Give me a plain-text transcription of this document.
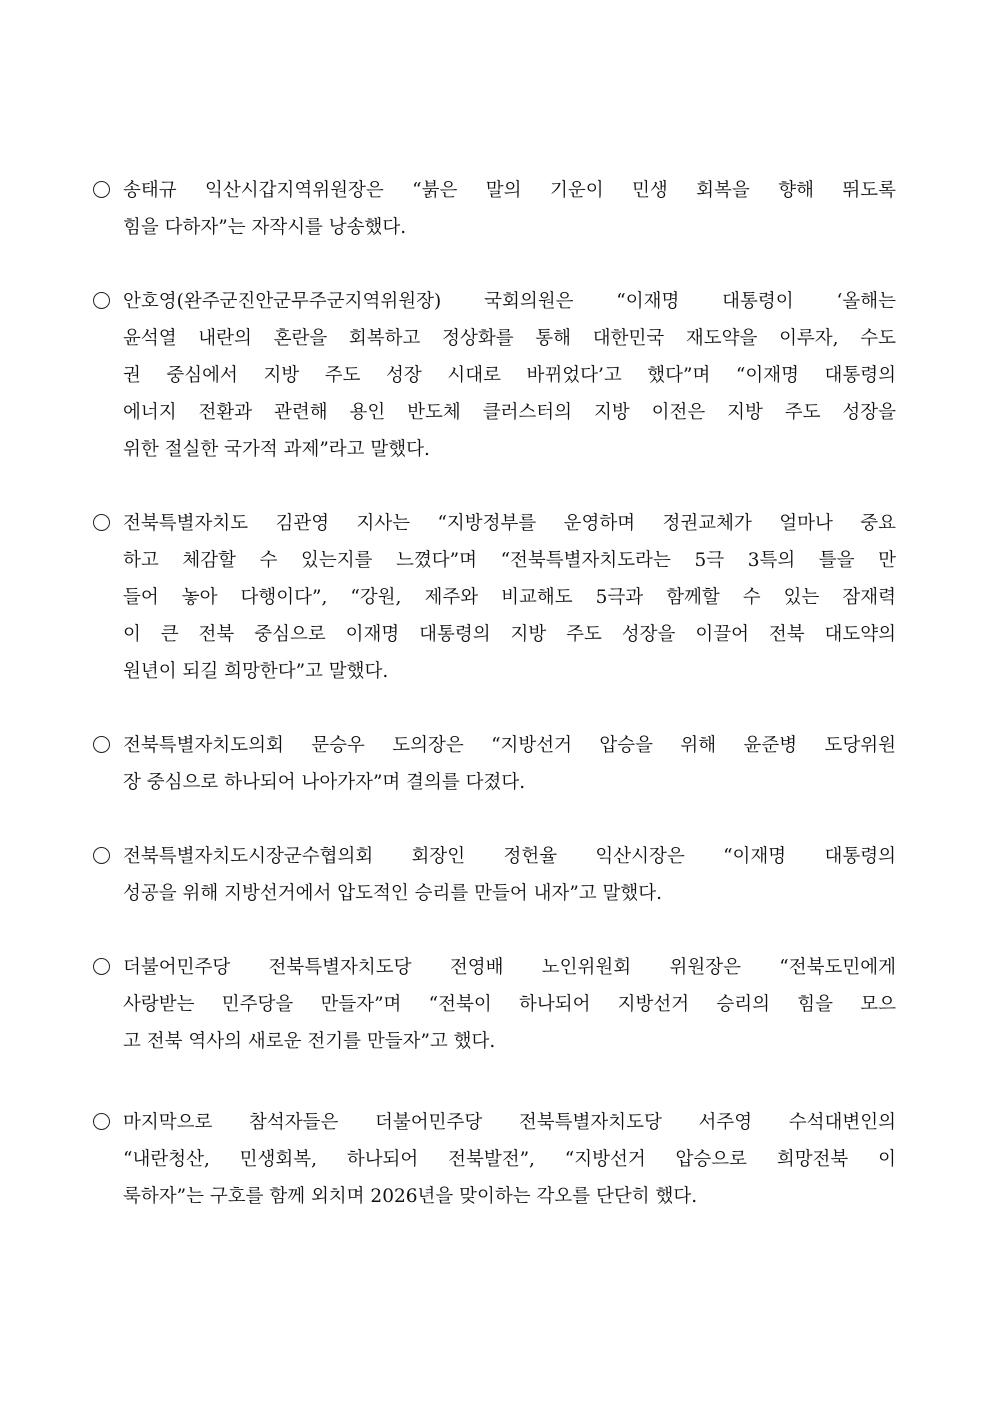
송태규 익산시갑지역위원장은 “붉은 말의 기운이 민생 회복을 향해 뛰도록
힘을 다하자”는 자작시를 낭송했다.
안호영(완주군진안군무주군지역위원장) 국회의원은 “이재명 대통령이 ‘올해는
윤석열 내란의 혼란을 회복하고 정상화를 통해 대한민국 재도약을 이루자, 수도
권 중심에서 지방 주도 성장 시대로 바뀌었다’고 했다”며 “이재명 대통령의
에너지 전환과 관련해 용인 반도체 클러스터의 지방 이전은 지방 주도 성장을
위한 절실한 국가적 과제”라고 말했다.
전북특별자치도 김관영 지사는 “지방정부를 운영하며 정권교체가 얼마나 중요
하고 체감할 수 있는지를 느꼈다”며 “전북특별자치도라는 5극 3특의 틀을 만
들어 놓아 다행이다”, “강원, 제주와 비교해도 5극과 함께할 수 있는 잠재력
이 큰 전북 중심으로 이재명 대통령의 지방 주도 성장을 이끌어 전북 대도약의
원년이 되길 희망한다”고 말했다.
전북특별자치도의회 문승우 도의장은 “지방선거 압승을 위해 윤준병 도당위원
장 중심으로 하나되어 나아가자”며 결의를 다졌다.
전북특별자치도시장군수협의회 회장인 정헌율 익산시장은 “이재명 대통령의
성공을 위해 지방선거에서 압도적인 승리를 만들어 내자”고 말했다.
더불어민주당 전북특별자치도당 전영배 노인위원회 위원장은 “전북도민에게
사랑받는 민주당을 만들자”며 “전북이 하나되어 지방선거 승리의 힘을 모으
고 전북 역사의 새로운 전기를 만들자”고 했다.
마지막으로 참석자들은 더불어민주당 전북특별자치도당 서주영 수석대변인의
“내란청산, 민생회복, 하나되어 전북발전”, “지방선거 압승으로 희망전북 이
룩하자”는 구호를 함께 외치며 2026년을 맞이하는 각오를 단단히 했다.
